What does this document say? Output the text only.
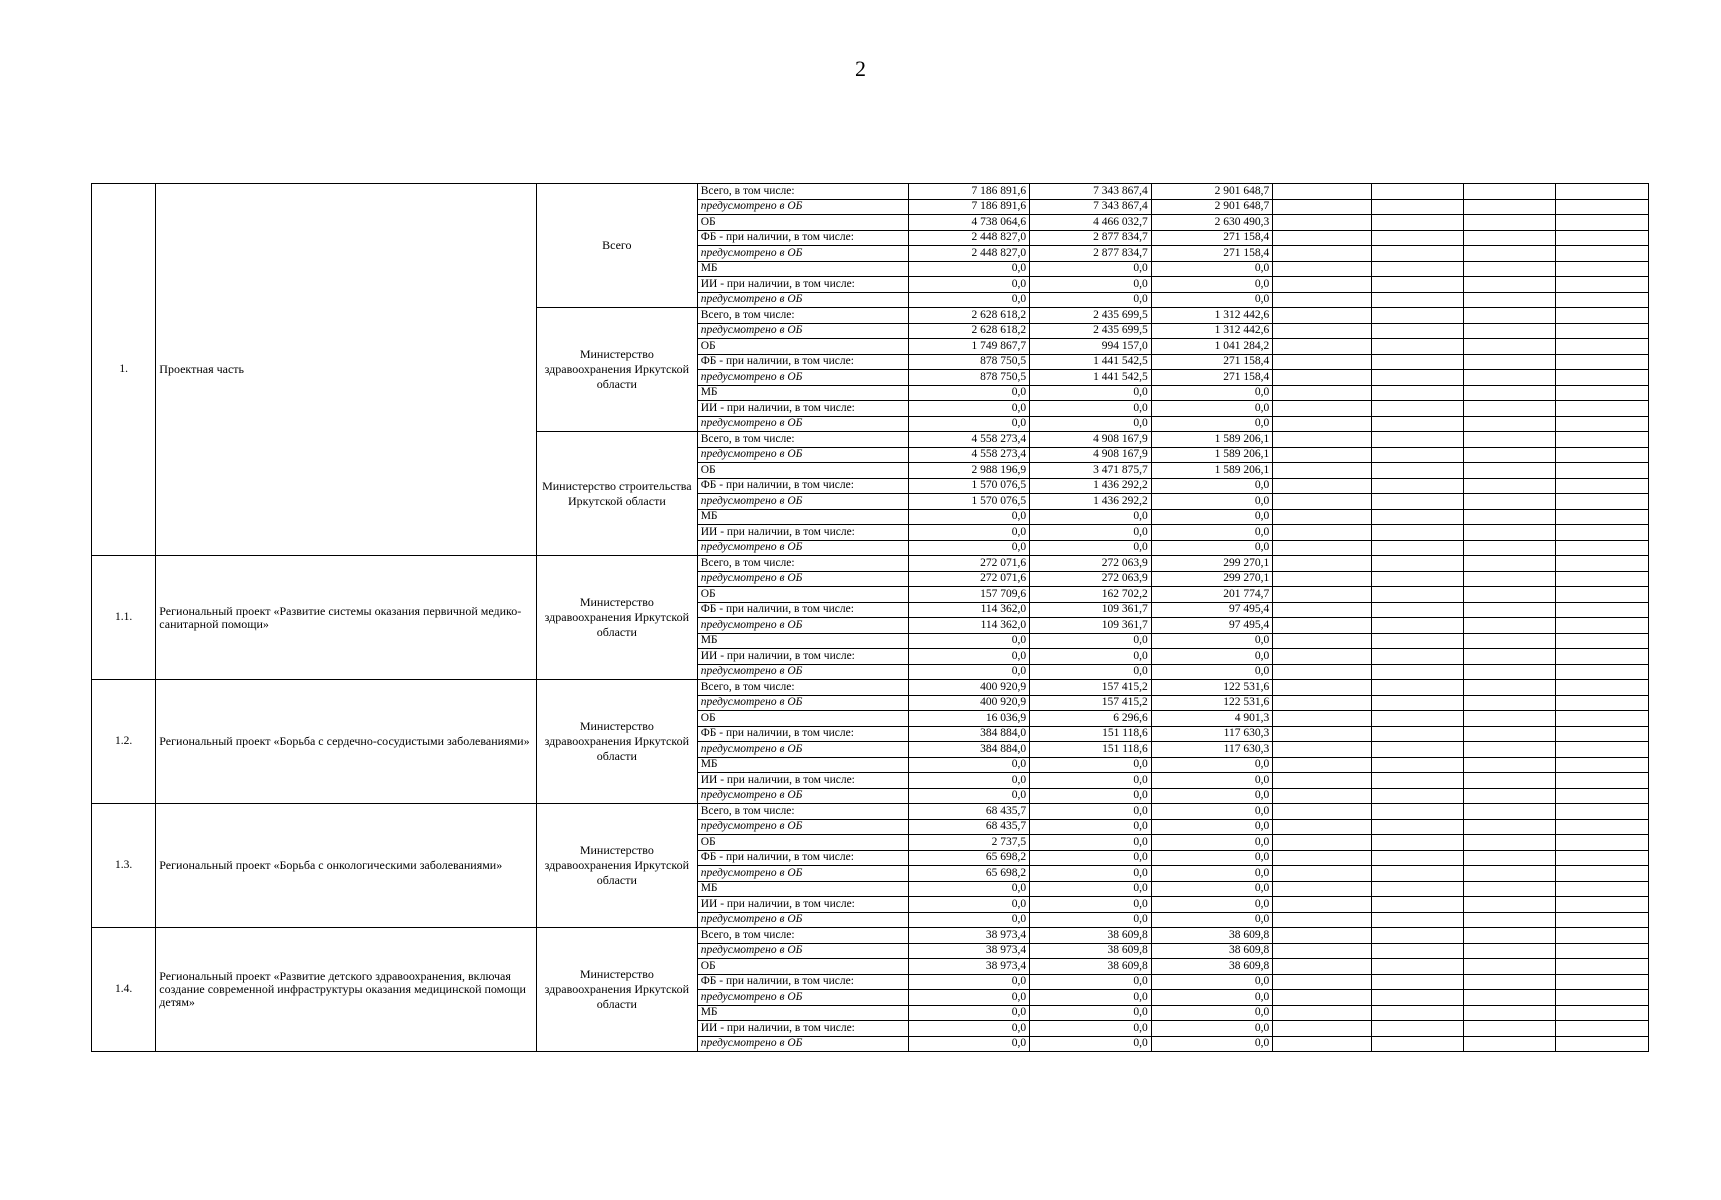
2
1.	Проектная часть	Всего	Всего, в том числе:	7 186 891,6	7 343 867,4	2 901 648,7				
			предусмотрено в ОБ	7 186 891,6	7 343 867,4	2 901 648,7				
			ОБ	4 738 064,6	4 466 032,7	2 630 490,3				
			ФБ - при наличии, в том числе:	2 448 827,0	2 877 834,7	271 158,4				
			предусмотрено в ОБ	2 448 827,0	2 877 834,7	271 158,4				
			МБ	0,0	0,0	0,0				
			ИИ - при наличии, в том числе:	0,0	0,0	0,0				
			предусмотрено в ОБ	0,0	0,0	0,0				
		Министерство здравоохранения Иркутской области	Всего, в том числе:	2 628 618,2	2 435 699,5	1 312 442,6				
			предусмотрено в ОБ	2 628 618,2	2 435 699,5	1 312 442,6				
			ОБ	1 749 867,7	994 157,0	1 041 284,2				
			ФБ - при наличии, в том числе:	878 750,5	1 441 542,5	271 158,4				
			предусмотрено в ОБ	878 750,5	1 441 542,5	271 158,4				
			МБ	0,0	0,0	0,0				
			ИИ - при наличии, в том числе:	0,0	0,0	0,0				
			предусмотрено в ОБ	0,0	0,0	0,0				
		Министерство строительства Иркутской области	Всего, в том числе:	4 558 273,4	4 908 167,9	1 589 206,1				
			предусмотрено в ОБ	4 558 273,4	4 908 167,9	1 589 206,1				
			ОБ	2 988 196,9	3 471 875,7	1 589 206,1				
			ФБ - при наличии, в том числе:	1 570 076,5	1 436 292,2	0,0				
			предусмотрено в ОБ	1 570 076,5	1 436 292,2	0,0				
			МБ	0,0	0,0	0,0				
			ИИ - при наличии, в том числе:	0,0	0,0	0,0				
			предусмотрено в ОБ	0,0	0,0	0,0				
1.1.	Региональный проект «Развитие системы оказания первичной медико-санитарной помощи»	Министерство здравоохранения Иркутской области	Всего, в том числе:	272 071,6	272 063,9	299 270,1				
			предусмотрено в ОБ	272 071,6	272 063,9	299 270,1				
			ОБ	157 709,6	162 702,2	201 774,7				
			ФБ - при наличии, в том числе:	114 362,0	109 361,7	97 495,4				
			предусмотрено в ОБ	114 362,0	109 361,7	97 495,4				
			МБ	0,0	0,0	0,0				
			ИИ - при наличии, в том числе:	0,0	0,0	0,0				
			предусмотрено в ОБ	0,0	0,0	0,0				
1.2.	Региональный проект «Борьба с сердечно-сосудистыми заболеваниями»	Министерство здравоохранения Иркутской области	Всего, в том числе:	400 920,9	157 415,2	122 531,6				
			предусмотрено в ОБ	400 920,9	157 415,2	122 531,6				
			ОБ	16 036,9	6 296,6	4 901,3				
			ФБ - при наличии, в том числе:	384 884,0	151 118,6	117 630,3				
			предусмотрено в ОБ	384 884,0	151 118,6	117 630,3				
			МБ	0,0	0,0	0,0				
			ИИ - при наличии, в том числе:	0,0	0,0	0,0				
			предусмотрено в ОБ	0,0	0,0	0,0				
1.3.	Региональный проект «Борьба с онкологическими заболеваниями»	Министерство здравоохранения Иркутской области	Всего, в том числе:	68 435,7	0,0	0,0				
			предусмотрено в ОБ	68 435,7	0,0	0,0				
			ОБ	2 737,5	0,0	0,0				
			ФБ - при наличии, в том числе:	65 698,2	0,0	0,0				
			предусмотрено в ОБ	65 698,2	0,0	0,0				
			МБ	0,0	0,0	0,0				
			ИИ - при наличии, в том числе:	0,0	0,0	0,0				
			предусмотрено в ОБ	0,0	0,0	0,0				
1.4.	Региональный проект «Развитие детского здравоохранения, включая создание современной инфраструктуры оказания медицинской помощи детям»	Министерство здравоохранения Иркутской области	Всего, в том числе:	38 973,4	38 609,8	38 609,8				
			предусмотрено в ОБ	38 973,4	38 609,8	38 609,8				
			ОБ	38 973,4	38 609,8	38 609,8				
			ФБ - при наличии, в том числе:	0,0	0,0	0,0				
			предусмотрено в ОБ	0,0	0,0	0,0				
			МБ	0,0	0,0	0,0				
			ИИ - при наличии, в том числе:	0,0	0,0	0,0				
			предусмотрено в ОБ	0,0	0,0	0,0				
